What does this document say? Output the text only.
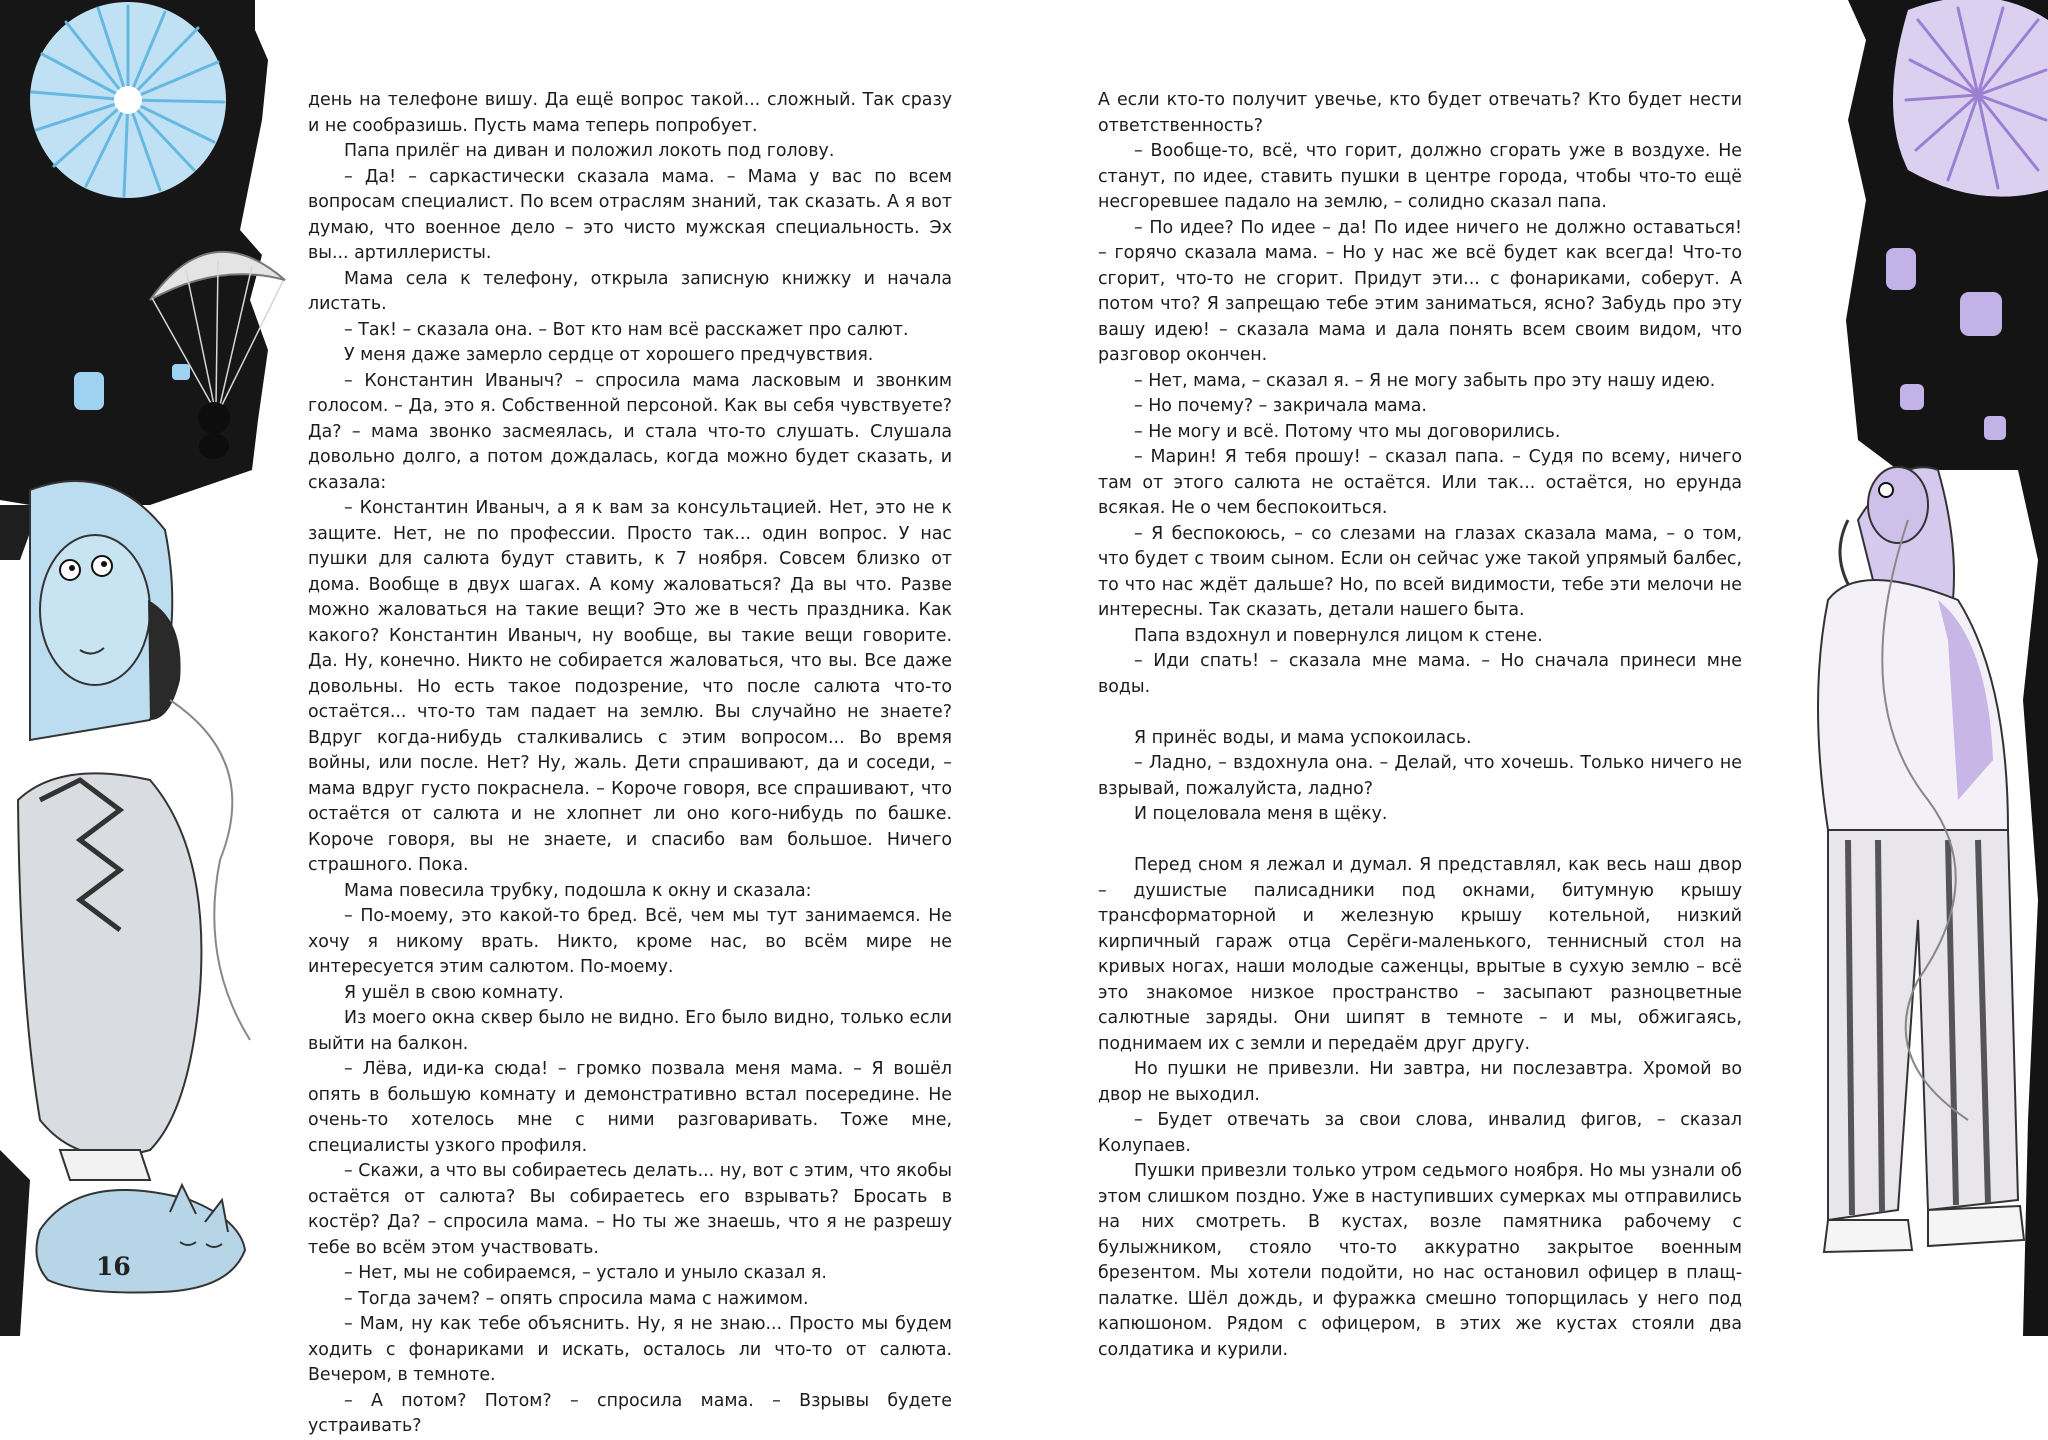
день на телефоне вишу. Да ещё вопрос такой... сложный. Так сразу и не сообразишь. Пусть мама теперь попробует.

Папа прилёг на диван и положил локоть под голову.

– Да! – саркастически сказала мама. – Мама у вас по всем вопросам специалист. По всем отраслям знаний, так сказать. А я вот думаю, что военное дело – это чисто мужская специальность. Эх вы... артиллеристы.

Мама села к телефону, открыла записную книжку и начала листать.

– Так! – сказала она. – Вот кто нам всё расскажет про салют.

У меня даже замерло сердце от хорошего предчувствия.

– Константин Иваныч? – спросила мама ласковым и звонким голосом. – Да, это я. Собственной персоной. Как вы себя чувствуете? Да? – мама звонко засмеялась, и стала что-то слушать. Слушала довольно долго, а потом дождалась, когда можно будет сказать, и сказала:

– Константин Иваныч, а я к вам за консультацией. Нет, это не к защите. Нет, не по профессии. Просто так... один вопрос. У нас пушки для салюта будут ставить, к 7 ноября. Совсем близко от дома. Вообще в двух шагах. А кому жаловаться? Да вы что. Разве можно жаловаться на такие вещи? Это же в честь праздника. Как какого? Константин Иваныч, ну вообще, вы такие вещи говорите. Да. Ну, конечно. Никто не собирается жаловаться, что вы. Все даже довольны. Но есть такое подозрение, что после салюта что-то остаётся... что-то там падает на землю. Вы случайно не знаете? Вдруг когда-нибудь сталкивались с этим вопросом... Во время войны, или после. Нет? Ну, жаль. Дети спрашивают, да и соседи, – мама вдруг густо покраснела. – Короче говоря, все спрашивают, что остаётся от салюта и не хлопнет ли оно кого-нибудь по башке. Короче говоря, вы не знаете, и спасибо вам большое. Ничего страшного. Пока.

Мама повесила трубку, подошла к окну и сказала:

– По-моему, это какой-то бред. Всё, чем мы тут занимаемся. Не хочу я никому врать. Никто, кроме нас, во всём мире не интересуется этим салютом. По-моему.

Я ушёл в свою комнату.

Из моего окна сквер было не видно. Его было видно, только если выйти на балкон.

– Лёва, иди-ка сюда! – громко позвала меня мама. – Я вошёл опять в большую комнату и демонстративно встал посередине. Не очень-то хотелось мне с ними разговаривать. Тоже мне, специалисты узкого профиля.

– Скажи, а что вы собираетесь делать... ну, вот с этим, что якобы остаётся от салюта? Вы собираетесь его взрывать? Бросать в костёр? Да? – спросила мама. – Но ты же знаешь, что я не разрешу тебе во всём этом участвовать.

– Нет, мы не собираемся, – устало и уныло сказал я.

– Тогда зачем? – опять спросила мама с нажимом.

– Мам, ну как тебе объяснить. Ну, я не знаю... Просто мы будем ходить с фонариками и искать, осталось ли что-то от салюта. Вечером, в темноте.

– А потом? Потом? – спросила мама. – Взрывы будете устраивать?

А если кто-то получит увечье, кто будет отвечать? Кто будет нести ответственность?

– Вообще-то, всё, что горит, должно сгорать уже в воздухе. Не станут, по идее, ставить пушки в центре города, чтобы что-то ещё несгоревшее падало на землю, – солидно сказал папа.

– По идее? По идее – да! По идее ничего не должно оставаться! – горячо сказала мама. – Но у нас же всё будет как всегда! Что-то сгорит, что-то не сгорит. Придут эти... с фонариками, соберут. А потом что? Я запрещаю тебе этим заниматься, ясно? Забудь про эту вашу идею! – сказала мама и дала понять всем своим видом, что разговор окончен.

– Нет, мама, – сказал я. – Я не могу забыть про эту нашу идею.

– Но почему? – закричала мама.

– Не могу и всё. Потому что мы договорились.

– Марин! Я тебя прошу! – сказал папа. – Судя по всему, ничего там от этого салюта не остаётся. Или так... остаётся, но ерунда всякая. Не о чем беспокоиться.

– Я беспокоюсь, – со слезами на глазах сказала мама, – о том, что будет с твоим сыном. Если он сейчас уже такой упрямый балбес, то что нас ждёт дальше? Но, по всей видимости, тебе эти мелочи не интересны. Так сказать, детали нашего быта.

Папа вздохнул и повернулся лицом к стене.

– Иди спать! – сказала мне мама. – Но сначала принеси мне воды.

Я принёс воды, и мама успокоилась.

– Ладно, – вздохнула она. – Делай, что хочешь. Только ничего не взрывай, пожалуйста, ладно?

И поцеловала меня в щёку.

Перед сном я лежал и думал. Я представлял, как весь наш двор – душистые палисадники под окнами, битумную крышу трансформаторной и железную крышу котельной, низкий кирпичный гараж отца Серёги-маленького, теннисный стол на кривых ногах, наши молодые саженцы, врытые в сухую землю – всё это знакомое низкое пространство – засыпают разноцветные салютные заряды. Они шипят в темноте – и мы, обжигаясь, поднимаем их с земли и передаём друг другу.

Но пушки не привезли. Ни завтра, ни послезавтра. Хромой во двор не выходил.

– Будет отвечать за свои слова, инвалид фигов, – сказал Колупаев.

Пушки привезли только утром седьмого ноября. Но мы узнали об этом слишком поздно. Уже в наступивших сумерках мы отправились на них смотреть. В кустах, возле памятника рабочему с булыжником, стояло что-то аккуратно закрытое военным брезентом. Мы хотели подойти, но нас остановил офицер в плащ-палатке. Шёл дождь, и фуражка смешно топорщилась у него под капюшоном. Рядом с офицером, в этих же кустах стояли два солдатика и курили.

16
